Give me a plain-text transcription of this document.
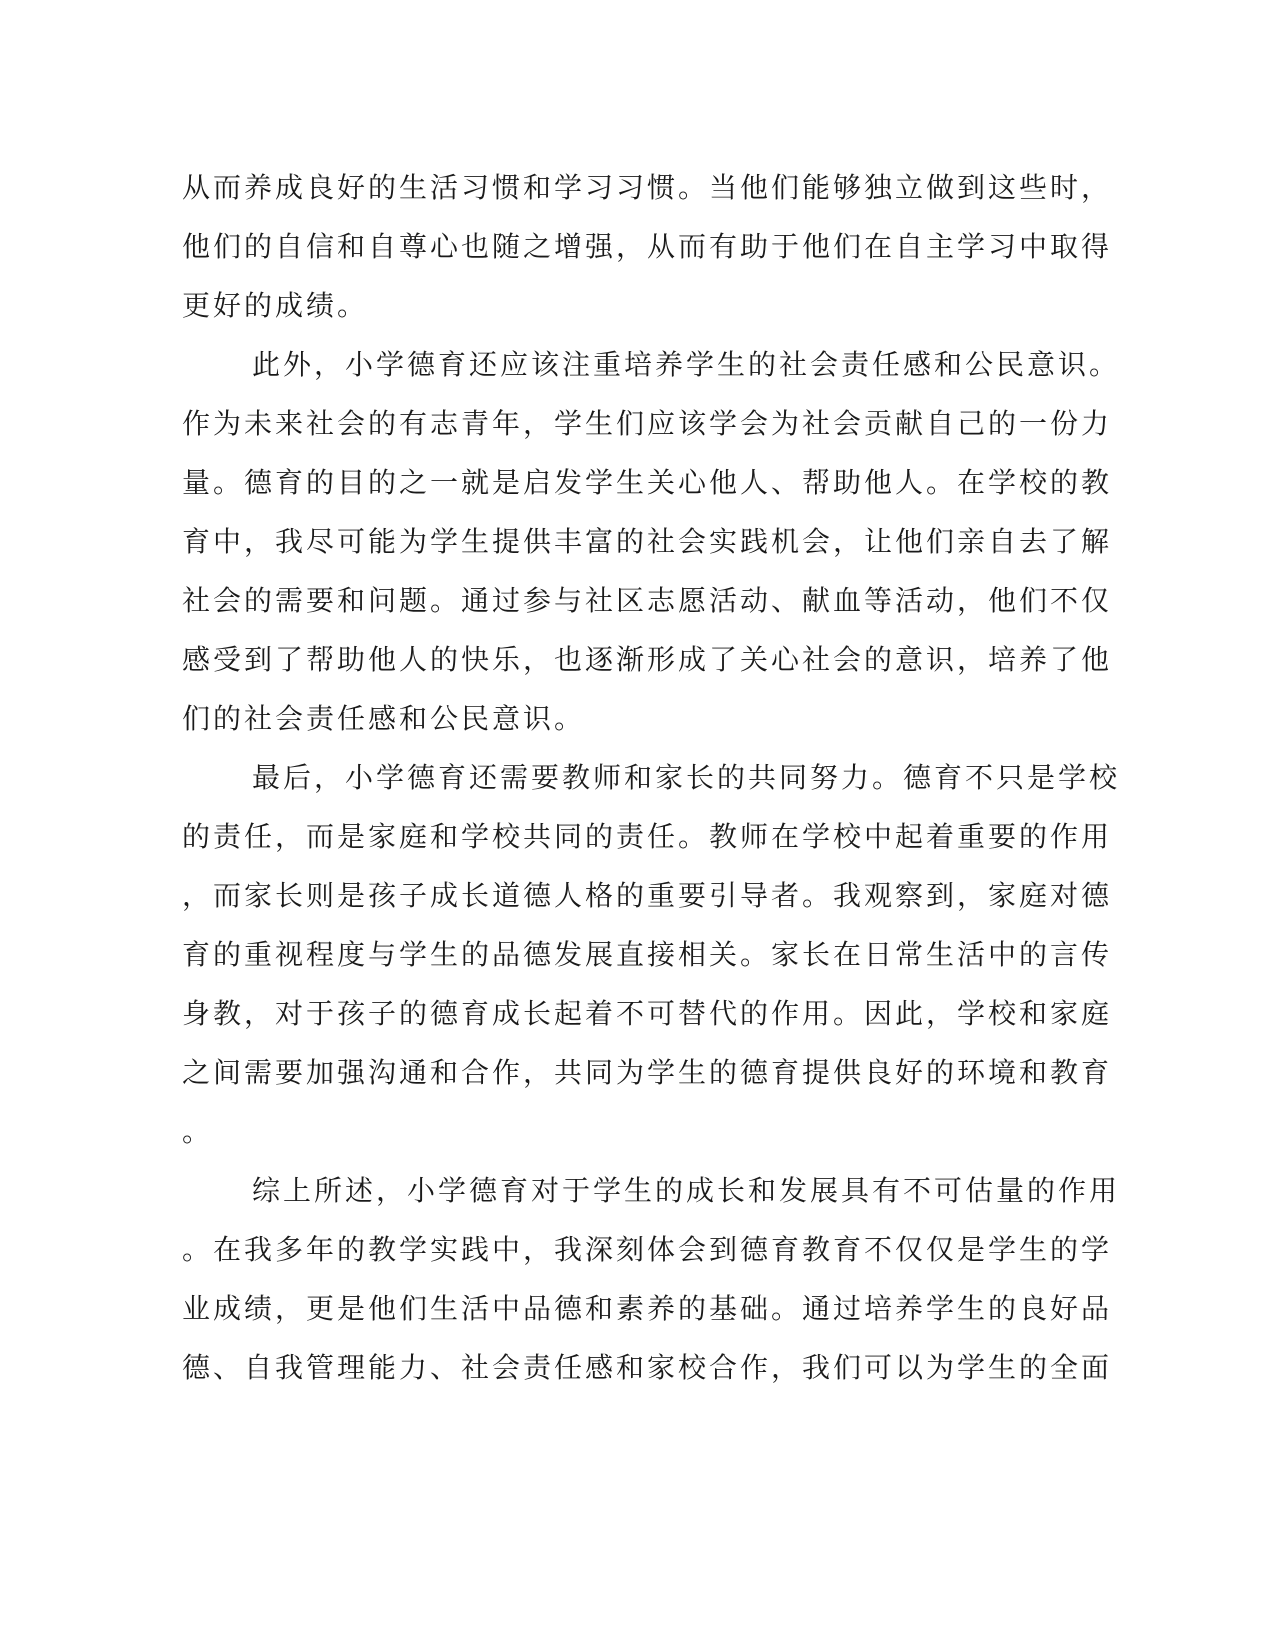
从而养成良好的生活习惯和学习习惯。当他们能够独立做到这些时，
他们的自信和自尊心也随之增强，从而有助于他们在自主学习中取得
更好的成绩。
此外，小学德育还应该注重培养学生的社会责任感和公民意识。
作为未来社会的有志青年，学生们应该学会为社会贡献自己的一份力
量。德育的目的之一就是启发学生关心他人、帮助他人。在学校的教
育中，我尽可能为学生提供丰富的社会实践机会，让他们亲自去了解
社会的需要和问题。通过参与社区志愿活动、献血等活动，他们不仅
感受到了帮助他人的快乐，也逐渐形成了关心社会的意识，培养了他
们的社会责任感和公民意识。
最后，小学德育还需要教师和家长的共同努力。德育不只是学校
的责任，而是家庭和学校共同的责任。教师在学校中起着重要的作用
，而家长则是孩子成长道德人格的重要引导者。我观察到，家庭对德
育的重视程度与学生的品德发展直接相关。家长在日常生活中的言传
身教，对于孩子的德育成长起着不可替代的作用。因此，学校和家庭
之间需要加强沟通和合作，共同为学生的德育提供良好的环境和教育
。
综上所述，小学德育对于学生的成长和发展具有不可估量的作用
。在我多年的教学实践中，我深刻体会到德育教育不仅仅是学生的学
业成绩，更是他们生活中品德和素养的基础。通过培养学生的良好品
德、自我管理能力、社会责任感和家校合作，我们可以为学生的全面
